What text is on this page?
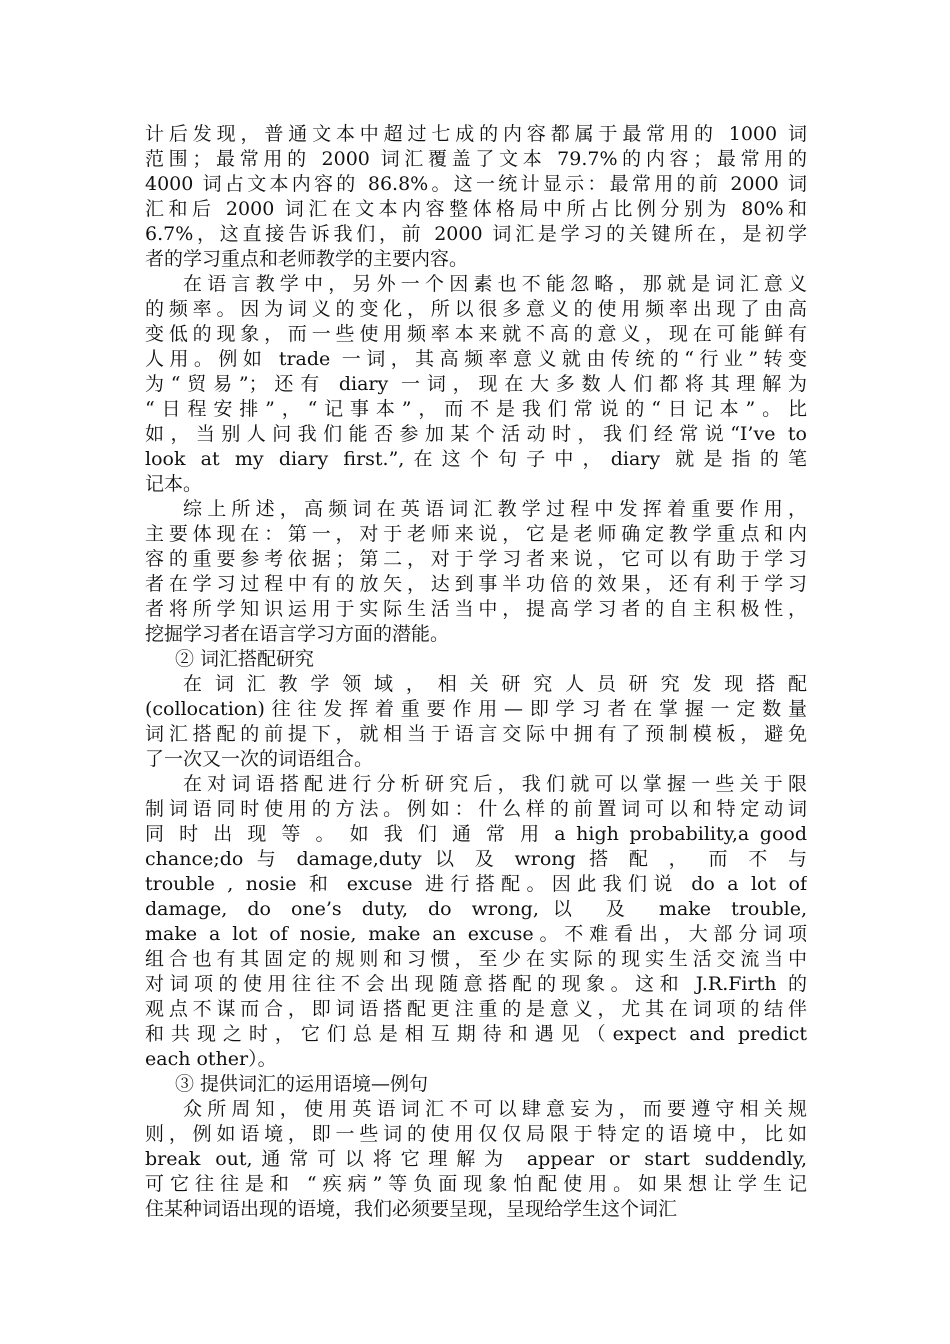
计后发现，普通文本中超过七成的内容都属于最常用的 1000 词
范围；最常用的 2000 词汇覆盖了文本 79.7%的内容；最常用的
4000 词占文本内容的 86.8%。这一统计显示：最常用的前 2000 词
汇和后 2000 词汇在文本内容整体格局中所占比例分别为 80%和
6.7%，这直接告诉我们，前 2000 词汇是学习的关键所在，是初学
者的学习重点和老师教学的主要内容。
在语言教学中，另外一个因素也不能忽略，那就是词汇意义
的频率。因为词义的变化，所以很多意义的使用频率出现了由高
变低的现象，而一些使用频率本来就不高的意义，现在可能鲜有
人用。例如 trade 一词，其高频率意义就由传统的“行业”转变
为“贸易”；还有 diary 一词，现在大多数人们都将其理解为
“日程安排”，“记事本”，而不是我们常说的“日记本”。比
如，当别人问我们能否参加某个活动时，我们经常说“I’ve to
look at my diary first.”,在这个句子中，diary 就是指的笔
记本。
综上所述，高频词在英语词汇教学过程中发挥着重要作用，
主要体现在：第一，对于老师来说，它是老师确定教学重点和内
容的重要参考依据；第二，对于学习者来说，它可以有助于学习
者在学习过程中有的放矢，达到事半功倍的效果，还有利于学习
者将所学知识运用于实际生活当中，提高学习者的自主积极性，
挖掘学习者在语言学习方面的潜能。
② 词汇搭配研究
在 词 汇 教 学 领 域 ， 相 关 研 究 人 员 研 究 发 现 搭 配
(collocation)往往发挥着重要作用—即学习者在掌握一定数量
词汇搭配的前提下，就相当于语言交际中拥有了预制模板，避免
了一次又一次的词语组合。
在对词语搭配进行分析研究后，我们就可以掌握一些关于限
制词语同时使用的方法。例如：什么样的前置词可以和特定动词
同 时 出 现 等 。 如 我 们 通 常 用 a high probability,a good
chance;do 与 damage,duty 以 及 wrong 搭 配 ， 而 不 与
trouble , nosie 和 excuse 进行搭配。因此我们说 do a lot of
damage, do one’s duty, do wrong,以 及 make trouble,
make a lot of nosie, make an excuse。不难看出，大部分词项
组合也有其固定的规则和习惯，至少在实际的现实生活交流当中
对词项的使用往往不会出现随意搭配的现象。这和 J.R.Firth 的
观点不谋而合，即词语搭配更注重的是意义，尤其在词项的结伴
和共现之时，它们总是相互期待和遇见（expect and predict
each other）。
③ 提供词汇的运用语境—例句
众所周知，使用英语词汇不可以肆意妄为，而要遵守相关规
则，例如语境，即一些词的使用仅仅局限于特定的语境中，比如
break out,通常可以将它理解为 appear or start suddendly,
可它往往是和 “疾病”等负面现象怕配使用。如果想让学生记
住某种词语出现的语境，我们必须要呈现，呈现给学生这个词汇
